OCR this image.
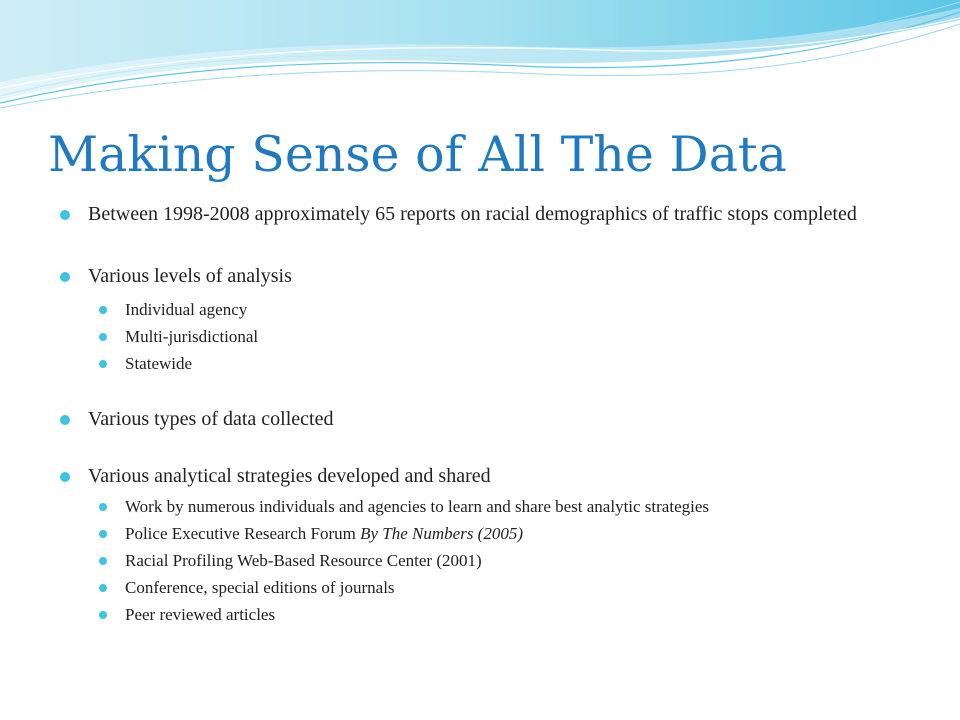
Making Sense of All The Data
Between 1998-2008 approximately 65 reports on racial demographics of traffic stops completed
Various levels of analysis
Individual agency
Multi-jurisdictional
Statewide
Various types of data collected
Various analytical strategies developed and shared
Work by numerous individuals and agencies to learn and share best analytic strategies
Police Executive Research Forum By The Numbers (2005)
Racial Profiling Web-Based Resource Center (2001)
Conference, special editions of journals
Peer reviewed articles
